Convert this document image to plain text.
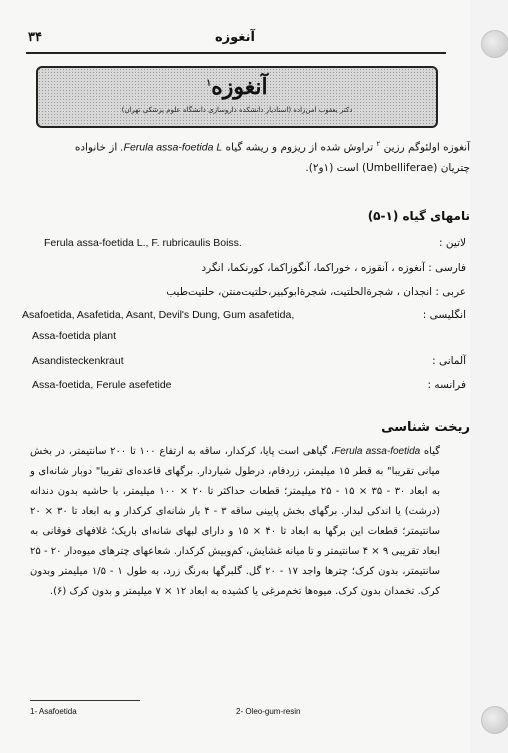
۳۴	آنغوزه
آنغوزه$^۱$
دکتر یعقوب امن‌زاده (استادیار دانشکده داروسازی دانشگاه علوم پزشکی تهران)
آنغوزه اولئوگم رزین $^۲$ تراوش شده از ریزوم و ریشه گیاه Ferula assa-foetida L. از خانواده
چتریان (Umbelliferae) است (۱و۲).
نامهای گیاه (۱-۵)
لاتین :
Ferula assa-foetida L., F. rubricaulis Boiss.
فارسی : آنغوزه ، آنقوزه ، خوراکما، آنگوزاکما، کورنکما، انگرد
عربی : انجدان ، شجرةالحلتیت، شجرةابوکبیر،حلتیت‌منتن، حلتیت‌طیب
انگلیسی :
Asafoetida, Asafetida, Asant, Devil's Dung, Gum asafetida,
Assa-foetida plant
آلمانی :
Asandisteckenkraut
فرانسه :
Assa-foetida, Ferule asefetide
ریخت شناسی
گیاه Ferula assa-foetida، گیاهی است پایا، کرکدار، ساقه به ارتفاع ۱۰۰ تا ۲۰۰ سانتیمتر، در بخش میانی تقریبا" به قطر ۱۵ میلیمتر، زردفام، درطول شیاردار. برگهای قاعده‌ای تقریبا" دوبار شانه‌ای و به ابعاد ۳۰ - ۳۵ × ۱۵ - ۲۵ میلیمتر؛ قطعات حداکثر تا ۲۰ × ۱۰۰ میلیمتر، با حاشیه بدون دندانه (درشت) یا اندکی لبدار. برگهای بخش پایینی ساقه ۳ - ۴ بار شانه‌ای کرکدار و به ابعاد تا ۳۰ × ۲۰ سانتیمتر؛ قطعات این برگها به ابعاد تا ۴۰ × ۱۵ و دارای لبهای شانه‌ای باریک؛ غلافهای فوقانی به ابعاد تقریبی ۹ × ۴ سانتیمتر و تا میانه غشایش، کم‌وبیش کرکدار. شعاعهای چترهای میوه‌دار ۲۰ - ۲۵ سانتیمتر، بدون کرک؛ چترها واجد ۱۷ - ۲۰ گل. گلبرگها به‌رنگ زرد، به طول ۱ - ۱/۵ میلیمتر وبدون کرک. تخمدان بدون کرک. میوه‌ها تخم‌مرغی یا کشیده به ابعاد ۱۲ × ۷ میلیمتر و بدون کرک (۶).
1- Asafoetida	2- Oleo-gum-resin
